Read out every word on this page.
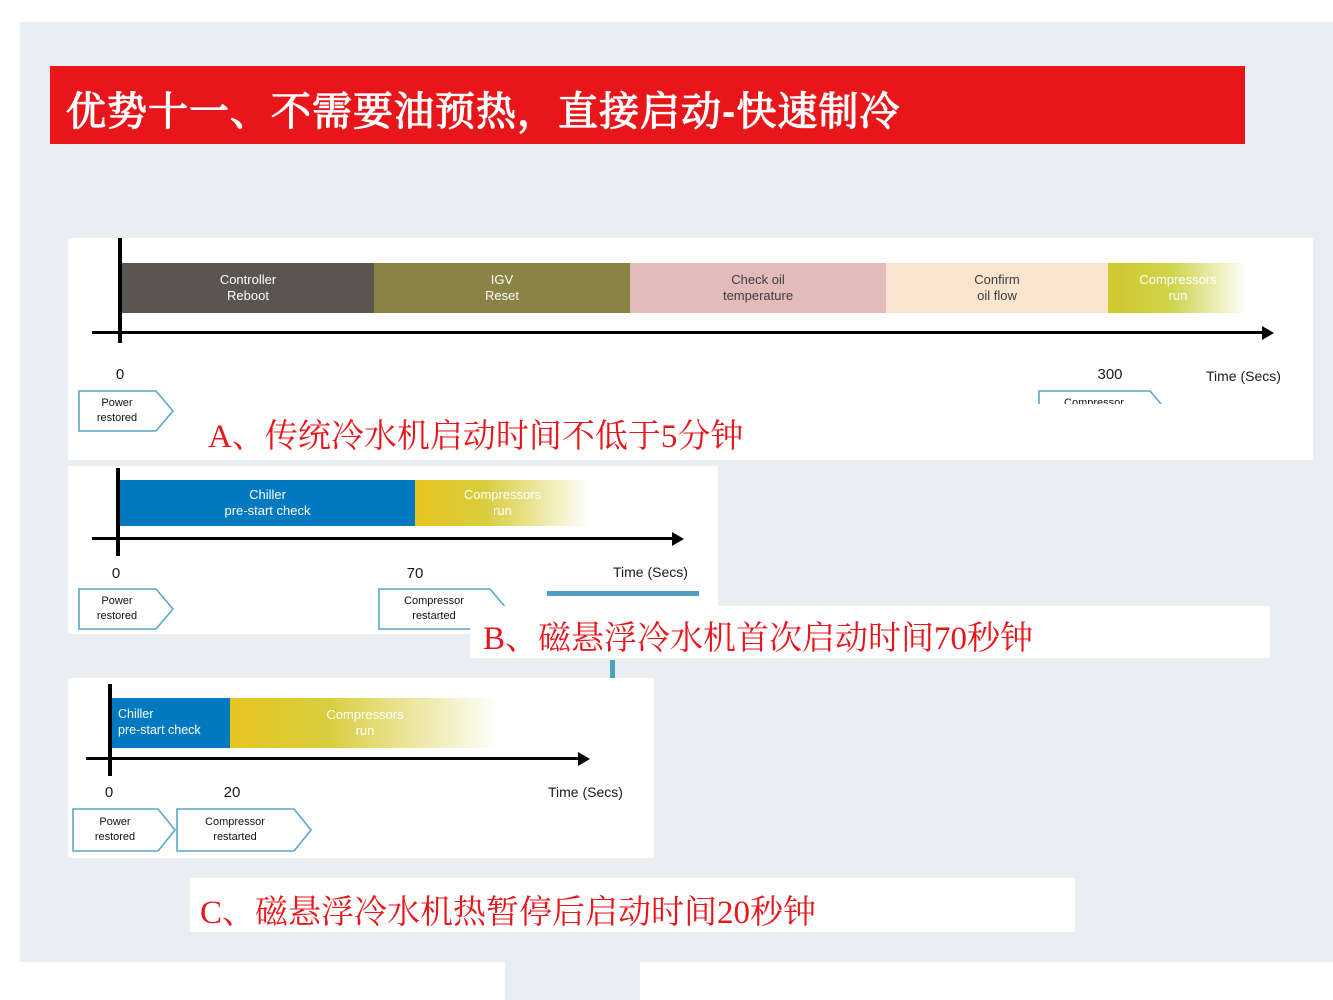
优势十一、不需要油预热，直接启动-快速制冷
Controller
Reboot
IGV
Reset
Check oil
temperature
Confirm
oil flow
Compressors
run
0	300	Time (Secs)
Power
restored
A、传统冷水机启动时间不低于5分钟
Chiller
pre-start check
Compressors
run
0	70	Time (Secs)
Power
restored
Compressor
restarted
B、磁悬浮冷水机首次启动时间70秒钟
Chiller
pre-start check
Compressors
run
0	20	Time (Secs)
Power
restored
Compressor
restarted
C、磁悬浮冷水机热暂停后启动时间20秒钟
